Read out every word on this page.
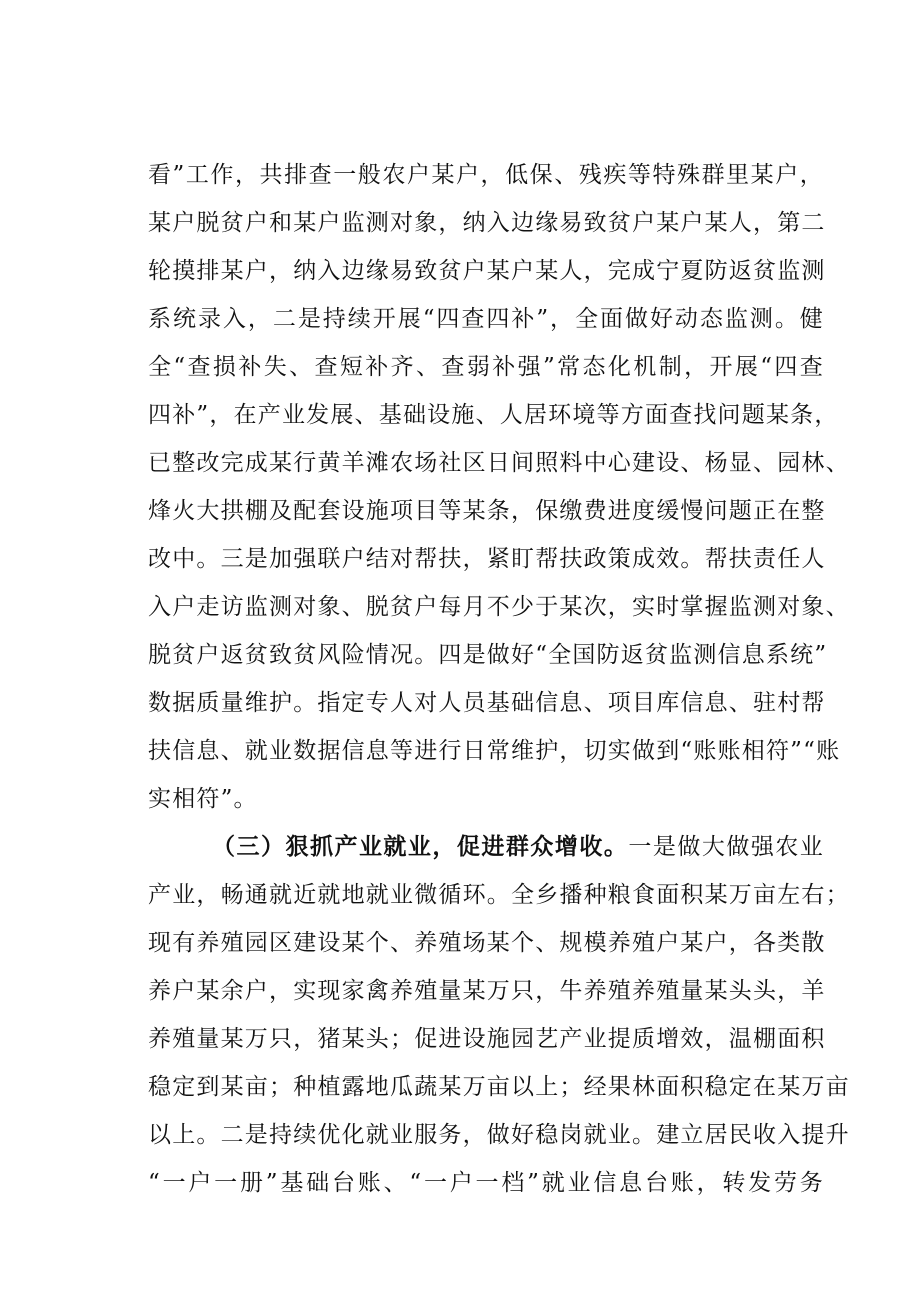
看”工作，共排查一般农户某户，低保、残疾等特殊群里某户，
某户脱贫户和某户监测对象，纳入边缘易致贫户某户某人，第二
轮摸排某户，纳入边缘易致贫户某户某人，完成宁夏防返贫监测
系统录入，二是持续开展“四查四补”，全面做好动态监测。健
全“查损补失、查短补齐、查弱补强”常态化机制，开展“四查
四补”，在产业发展、基础设施、人居环境等方面查找问题某条，
已整改完成某行黄羊滩农场社区日间照料中心建设、杨显、园林、
烽火大拱棚及配套设施项目等某条，保缴费进度缓慢问题正在整
改中。三是加强联户结对帮扶，紧盯帮扶政策成效。帮扶责任人
入户走访监测对象、脱贫户每月不少于某次，实时掌握监测对象、
脱贫户返贫致贫风险情况。四是做好“全国防返贫监测信息系统”
数据质量维护。指定专人对人员基础信息、项目库信息、驻村帮
扶信息、就业数据信息等进行日常维护，切实做到“账账相符”“账
实相符”。
（三）狠抓产业就业，促进群众增收。一是做大做强农业
产业，畅通就近就地就业微循环。全乡播种粮食面积某万亩左右；
现有养殖园区建设某个、养殖场某个、规模养殖户某户，各类散
养户某余户，实现家禽养殖量某万只，牛养殖养殖量某头头，羊
养殖量某万只，猪某头；促进设施园艺产业提质增效，温棚面积
稳定到某亩；种植露地瓜蔬某万亩以上；经果林面积稳定在某万亩
以上。二是持续优化就业服务，做好稳岗就业。建立居民收入提升
“一户一册”基础台账、“一户一档”就业信息台账，转发劳务
